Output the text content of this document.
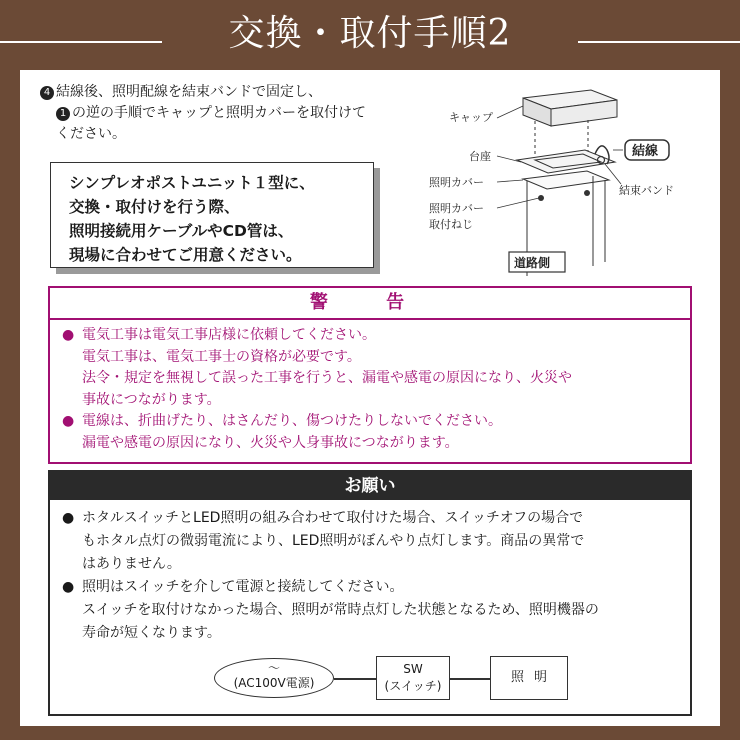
交換・取付手順2
4 結線後、照明配線を結束バンドで固定し、
1 の逆の手順でキャップと照明カバーを取付けて
ください。
シンプレオポストユニット１型に、
交換・取付けを行う際、
照明接続用ケーブルやCD管は、
現場に合わせてご用意ください。
キャップ
台座
照明カバー
照明カバー
取付ねじ
結線
結束バンド
道路側
警 告
● 電気工事は電気工事店様に依頼してください。
電気工事は、電気工事士の資格が必要です。
法令・規定を無視して誤った工事を行うと、漏電や感電の原因になり、火災や
事故につながります。
● 電線は、折曲げたり、はさんだり、傷つけたりしないでください。
漏電や感電の原因になり、火災や人身事故につながります。
お願い
● ホタルスイッチとLED照明の組み合わせて取付けた場合、スイッチオフの場合で
もホタル点灯の微弱電流により、LED照明がぼんやり点灯します。商品の異常で
はありません。
● 照明はスイッチを介して電源と接続してください。
スイッチを取付けなかった場合、照明が常時点灯した状態となるため、照明機器の
寿命が短くなります。
〜
(AC100V電源)
SW
(スイッチ)
照明
